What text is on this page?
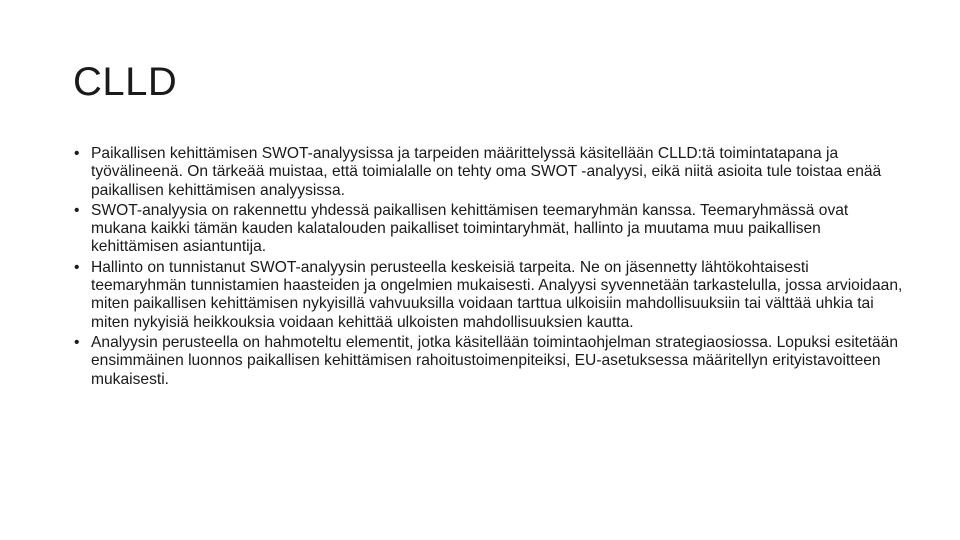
CLLD
• Paikallisen kehittämisen SWOT-analyysissa ja tarpeiden määrittelyssä käsitellään CLLD:tä toimintatapana ja työvälineenä. On tärkeää muistaa, että toimialalle on tehty oma SWOT -analyysi, eikä niitä asioita tule toistaa enää paikallisen kehittämisen analyysissa.
• SWOT-analyysia on rakennettu yhdessä paikallisen kehittämisen teemaryhmän kanssa. Teemaryhmässä ovat mukana kaikki tämän kauden kalatalouden paikalliset toimintaryhmät, hallinto ja muutama muu paikallisen kehittämisen asiantuntija.
• Hallinto on tunnistanut SWOT-analyysin perusteella keskeisiä tarpeita. Ne on jäsennetty lähtökohtaisesti teemaryhmän tunnistamien haasteiden ja ongelmien mukaisesti. Analyysi syvennetään tarkastelulla, jossa arvioidaan, miten paikallisen kehittämisen nykyisillä vahvuuksilla voidaan tarttua ulkoisiin mahdollisuuksiin tai välttää uhkia tai miten nykyisiä heikkouksia voidaan kehittää ulkoisten mahdollisuuksien kautta.
• Analyysin perusteella on hahmoteltu elementit, jotka käsitellään toimintaohjelman strategiaosiossa. Lopuksi esitetään ensimmäinen luonnos paikallisen kehittämisen rahoitustoimenpiteiksi, EU-asetuksessa määritellyn erityistavoitteen mukaisesti.
